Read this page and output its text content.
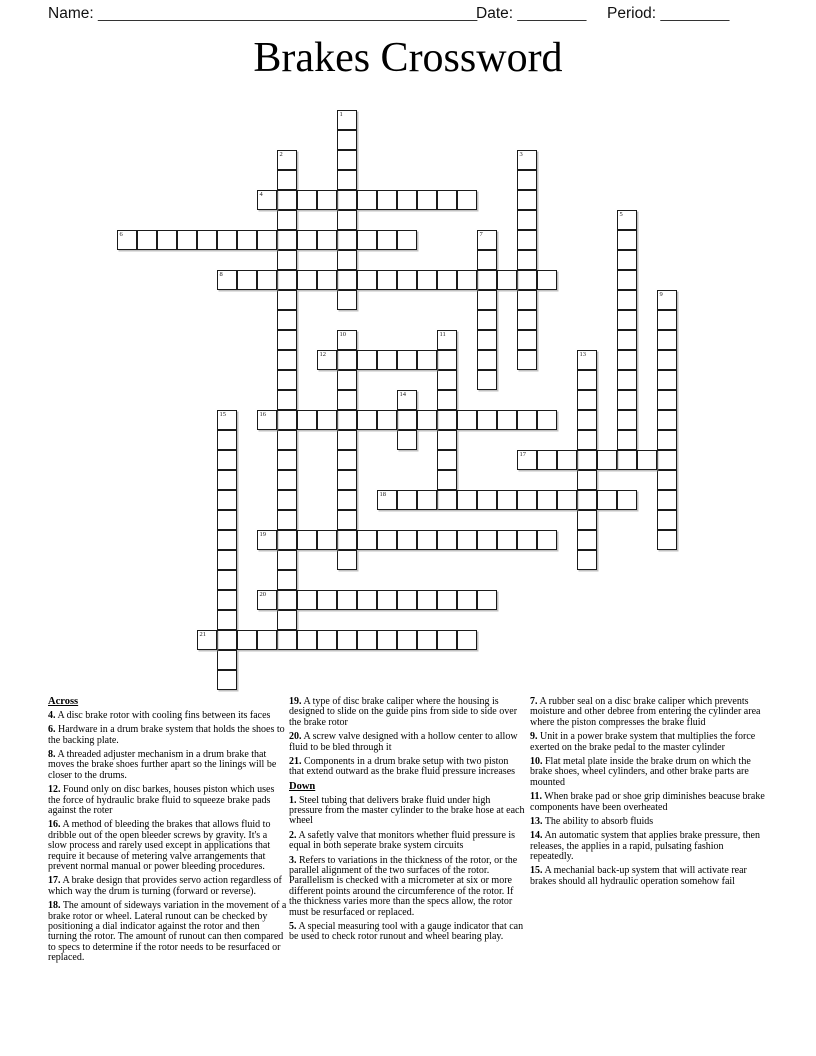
Name: ____________________________________________
Date: ________ Period: ________
Brakes Crossword
1
2	3
4
5
6	7
8
9
10	11
12	13
14
15	16
17
18
19
20
21
Across

4. A disc brake rotor with cooling fins between its faces

6. Hardware in a drum brake system that holds the shoes to the backing plate.

8. A threaded adjuster mechanism in a drum brake that moves the brake shoes further apart so the linings will be closer to the drums.

12. Found only on disc barkes, houses piston which uses the force of hydraulic brake fluid to squeeze brake pads against the roter

16. A method of bleeding the brakes that allows fluid to dribble out of the open bleeder screws by gravity. It's a slow process and rarely used except in applications that require it because of metering valve arrangements that prevent normal manual or power bleeding procedures.

17. A brake design that provides servo action regardless of which way the drum is turning (forward or reverse).

18. The amount of sideways variation in the movement of a brake rotor or wheel. Lateral runout can be checked by positioning a dial indicator against the rotor and then turning the rotor. The amount of runout can then compared to specs to determine if the rotor needs to be resurfaced or replaced.

19. A type of disc brake caliper where the housing is designed to slide on the guide pins from side to side over the brake rotor

20. A screw valve designed with a hollow center to allow fluid to be bled through it

21. Components in a drum brake setup with two piston that extend outward as the brake fluid pressure increases

Down

1. Steel tubing that delivers brake fluid under high pressure from the master cylinder to the brake hose at each wheel

2. A safetly valve that monitors whether fluid pressure is equal in both seperate brake system circuits

3. Refers to variations in the thickness of the rotor, or the parallel alignment of the two surfaces of the rotor. Parallelism is checked with a micrometer at six or more different points around the circumference of the rotor. If the thickness varies more than the specs allow, the rotor must be resurfaced or replaced.

5. A special measuring tool with a gauge indicator that can be used to check rotor runout and wheel bearing play.

7. A rubber seal on a disc brake caliper which prevents moisture and other debree from entering the cylinder area where the piston compresses the brake fluid

9. Unit in a power brake system that multiplies the force exerted on the brake pedal to the master cylinder

10. Flat metal plate inside the brake drum on which the brake shoes, wheel cylinders, and other brake parts are mounted

11. When brake pad or shoe grip diminishes beacuse brake components have been overheated

13. The ability to absorb fluids

14. An automatic system that applies brake pressure, then releases, the applies in a rapid, pulsating fashion repeatedly.

15. A mechanial back-up system that will activate rear brakes should all hydraulic operation somehow fail
